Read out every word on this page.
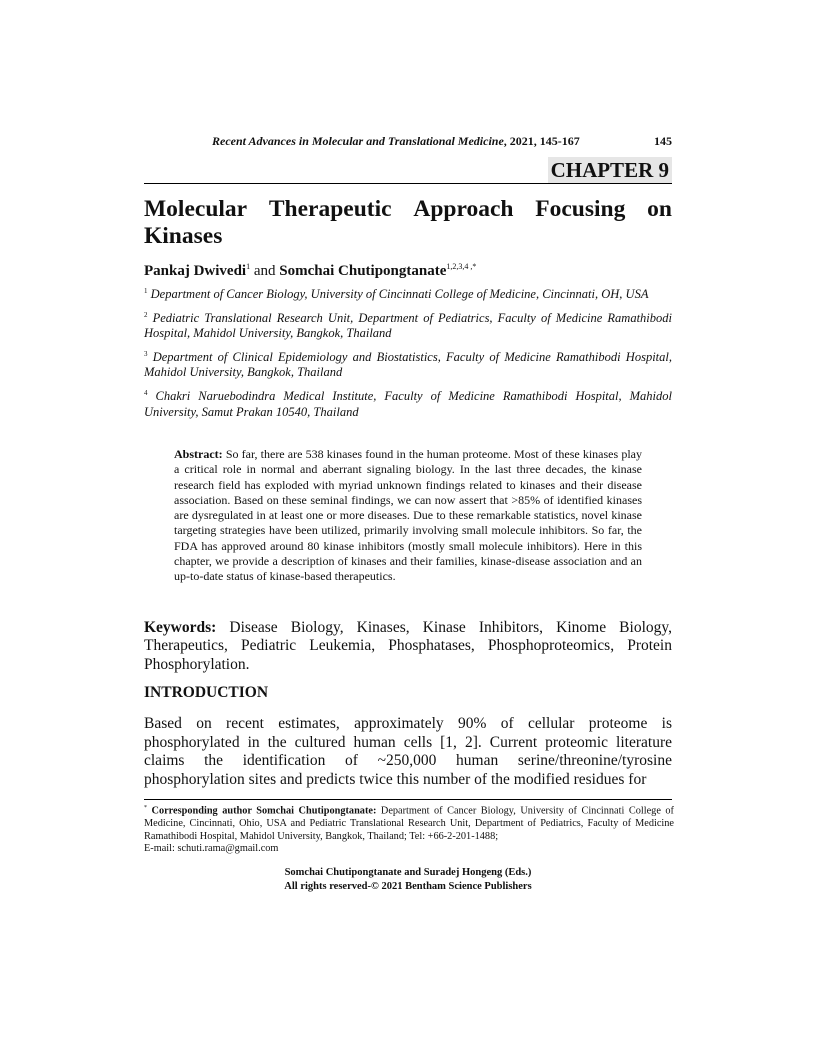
Recent Advances in Molecular and Translational Medicine, 2021, 145-167	145
CHAPTER 9
Molecular Therapeutic Approach Focusing on
Kinases
Pankaj Dwivedi$^1$ and Somchai Chutipongtanate$^{1,2,3,4 ,*}$

$^1$ Department of Cancer Biology, University of Cincinnati College of Medicine, Cincinnati, OH, USA

$^2$ Pediatric Translational Research Unit, Department of Pediatrics, Faculty of Medicine Ramathibodi Hospital, Mahidol University, Bangkok, Thailand

$^3$ Department of Clinical Epidemiology and Biostatistics, Faculty of Medicine Ramathibodi Hospital, Mahidol University, Bangkok, Thailand

$^4$ Chakri Naruebodindra Medical Institute, Faculty of Medicine Ramathibodi Hospital, Mahidol University, Samut Prakan 10540, Thailand

Abstract: So far, there are 538 kinases found in the human proteome. Most of these kinases play a critical role in normal and aberrant signaling biology. In the last three decades, the kinase research field has exploded with myriad unknown findings related to kinases and their disease association. Based on these seminal findings, we can now assert that >85% of identified kinases are dysregulated in at least one or more diseases. Due to these remarkable statistics, novel kinase targeting strategies have been utilized, primarily involving small molecule inhibitors. So far, the FDA has approved around 80 kinase inhibitors (mostly small molecule inhibitors). Here in this chapter, we provide a description of kinases and their families, kinase-disease association and an up-to-date status of kinase-based therapeutics.
Keywords: Disease Biology, Kinases, Kinase Inhibitors, Kinome Biology, Therapeutics, Pediatric Leukemia, Phosphatases, Phosphoproteomics, Protein Phosphorylation.
INTRODUCTION
Based on recent estimates, approximately 90% of cellular proteome is phosphorylated in the cultured human cells [1, 2]. Current proteomic literature claims the identification of ~250,000 human serine/threonine/tyrosine phosphorylation sites and predicts twice this number of the modified residues for
* Corresponding author Somchai Chutipongtanate: Department of Cancer Biology, University of Cincinnati College of Medicine, Cincinnati, Ohio, USA and Pediatric Translational Research Unit, Department of Pediatrics, Faculty of Medicine Ramathibodi Hospital, Mahidol University, Bangkok, Thailand; Tel: +66-2-201-1488;
E-mail: schuti.rama@gmail.com
Somchai Chutipongtanate and Suradej Hongeng (Eds.)
All rights reserved-© 2021 Bentham Science Publishers
